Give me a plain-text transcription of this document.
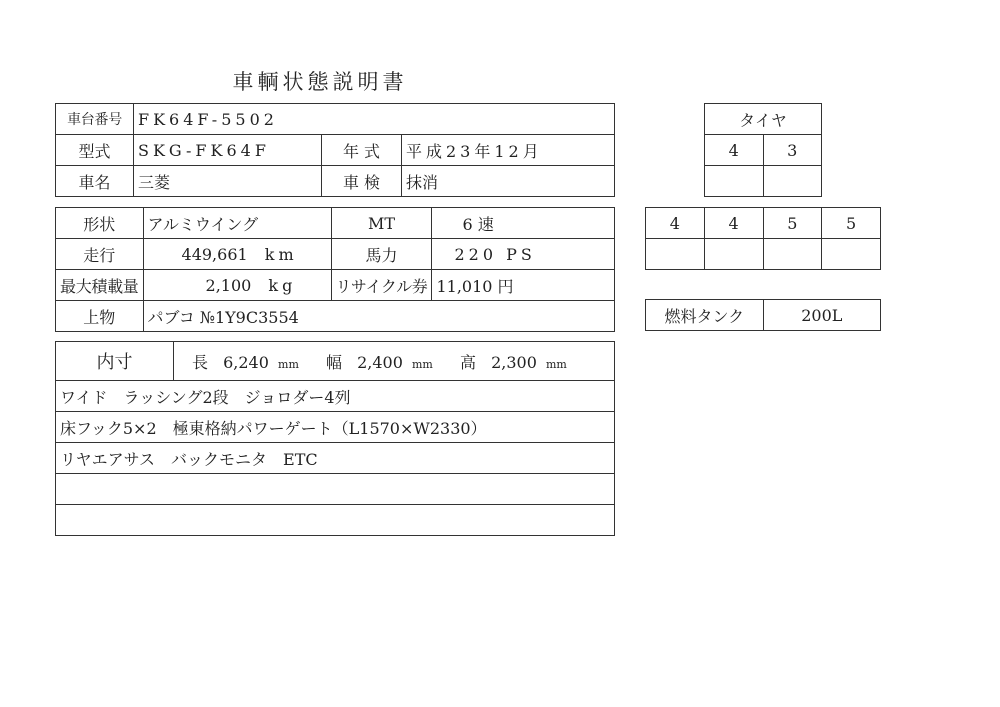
車輌状態説明書
車台番号	FK64F-5502		
型式	SKG-FK64F	年 式	平成23年12月
車名	三菱	車 検	抹消
形状	アルミウイング	MT	6 速
走行	449,661 km	馬力	220 PS
最大積載量	2,100 kg	リサイクル券	11,010 円
上物	パブコ №1Y9C3554		
内寸	長 6,240 mm 幅 2,400 mm 高 2,300 mm
ワイド　ラッシング2段　ジョロダー4列
床フック5×2　極東格納パワーゲート（L1570×W2330）
リヤエアサス　バックモニタ　ETC

タイヤ	
4	3

4	4	5	5

燃料タンク	200L
